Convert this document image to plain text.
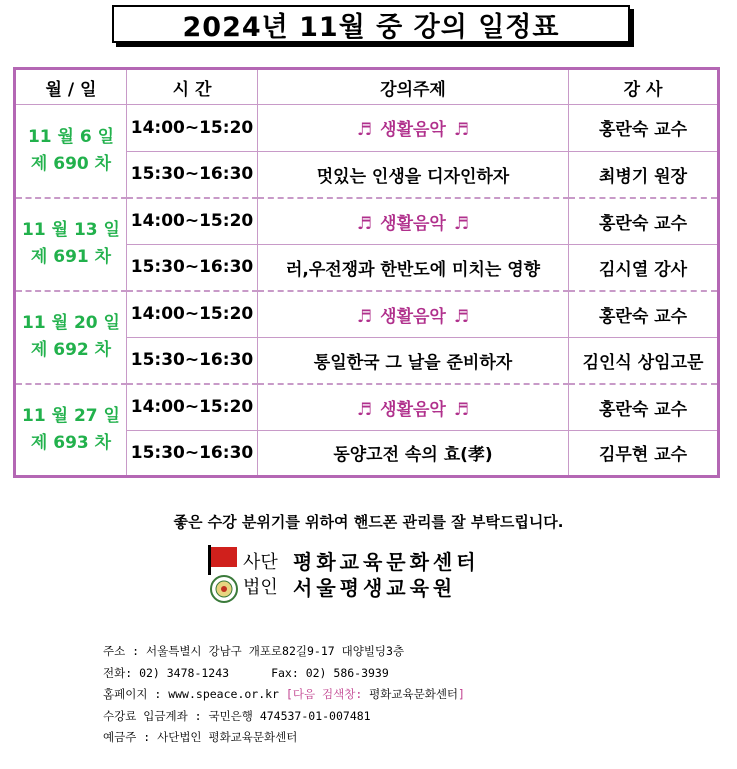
2024년 11월 중 강의 일정표
월 / 일	시 간	강의주제	강 사

11 월 6 일
제 690 차	14:00~15:20	♬ 생활음악 ♬	홍란숙 교수
	15:30~16:30	멋있는 인생을 디자인하자	최병기 원장

11 월 13 일
제 691 차	14:00~15:20	♬ 생활음악 ♬	홍란숙 교수
	15:30~16:30	러,우전쟁과 한반도에 미치는 영향	김시열 강사

11 월 20 일
제 692 차	14:00~15:20	♬ 생활음악 ♬	홍란숙 교수
	15:30~16:30	통일한국 그 날을 준비하자	김인식 상임고문

11 월 27 일
제 693 차	14:00~15:20	♬ 생활음악 ♬	홍란숙 교수
	15:30~16:30	동양고전 속의 효(孝)	김무현 교수
좋은 수강 분위기를 위하여 핸드폰 관리를 잘 부탁드립니다.
사단
법인
평화교육문화센터
서울평생교육원
주소 : 서울특별시 강남구 개포로82길9-17 대양빌딩3층
전화: 02) 3478-1243	Fax: 02) 586-3939
홈페이지 : www.speace.or.kr [다음 검색창: 평화교육문화센터]
수강료 입금계좌 : 국민은행 474537-01-007481
예금주 : 사단법인 평화교육문화센터
